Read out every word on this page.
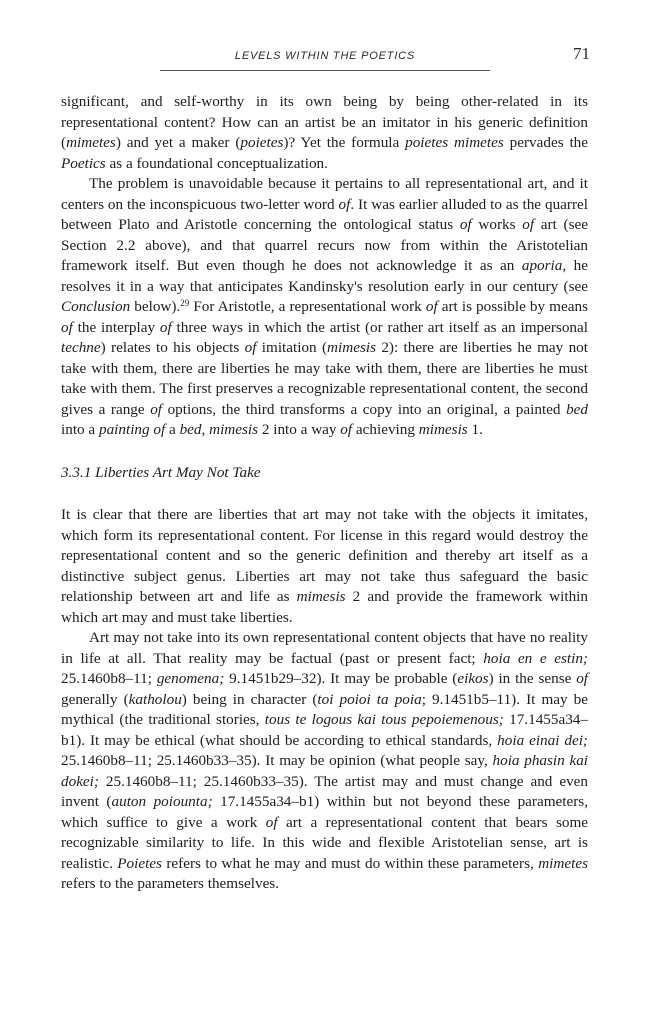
LEVELS WITHIN THE POETICS	71

significant, and self-worthy in its own being by being other-related in its representational content? How can an artist be an imitator in his generic definition (mimetes) and yet a maker (poietes)? Yet the formula poietes mimetes pervades the Poetics as a foundational conceptualization.

The problem is unavoidable because it pertains to all representational art, and it centers on the inconspicuous two-letter word of. It was earlier alluded to as the quarrel between Plato and Aristotle concerning the ontological status of works of art (see Section 2.2 above), and that quarrel recurs now from within the Aristotelian framework itself. But even though he does not acknowledge it as an aporia, he resolves it in a way that anticipates Kandinsky's resolution early in our century (see Conclusion below).$^{29}$ For Aristotle, a representational work of art is possible by means of the interplay of three ways in which the artist (or rather art itself as an impersonal techne) relates to his objects of imitation (mimesis 2): there are liberties he may not take with them, there are liberties he may take with them, there are liberties he must take with them. The first preserves a recognizable representational content, the second gives a range of options, the third transforms a copy into an original, a painted bed into a painting of a bed, mimesis 2 into a way of achieving mimesis 1.

3.3.1 Liberties Art May Not Take

It is clear that there are liberties that art may not take with the objects it imitates, which form its representational content. For license in this regard would destroy the representational content and so the generic definition and thereby art itself as a distinctive subject genus. Liberties art may not take thus safeguard the basic relationship between art and life as mimesis 2 and provide the framework within which art may and must take liberties.

Art may not take into its own representational content objects that have no reality in life at all. That reality may be factual (past or present fact; hoia en e estin; 25.1460b8–11; genomena; 9.1451b29–32). It may be probable (eikos) in the sense of generally (katholou) being in character (toi poioi ta poia; 9.1451b5–11). It may be mythical (the traditional stories, tous te logous kai tous pepoiemenous; 17.1455a34–b1). It may be ethical (what should be according to ethical standards, hoia einai dei; 25.1460b8–11; 25.1460b33–35). It may be opinion (what people say, hoia phasin kai dokei; 25.1460b8–11; 25.1460b33–35). The artist may and must change and even invent (auton poiounta; 17.1455a34–b1) within but not beyond these parameters, which suffice to give a work of art a representational content that bears some recognizable similarity to life. In this wide and flexible Aristotelian sense, art is realistic. Poietes refers to what he may and must do within these parameters, mimetes refers to the parameters themselves.
